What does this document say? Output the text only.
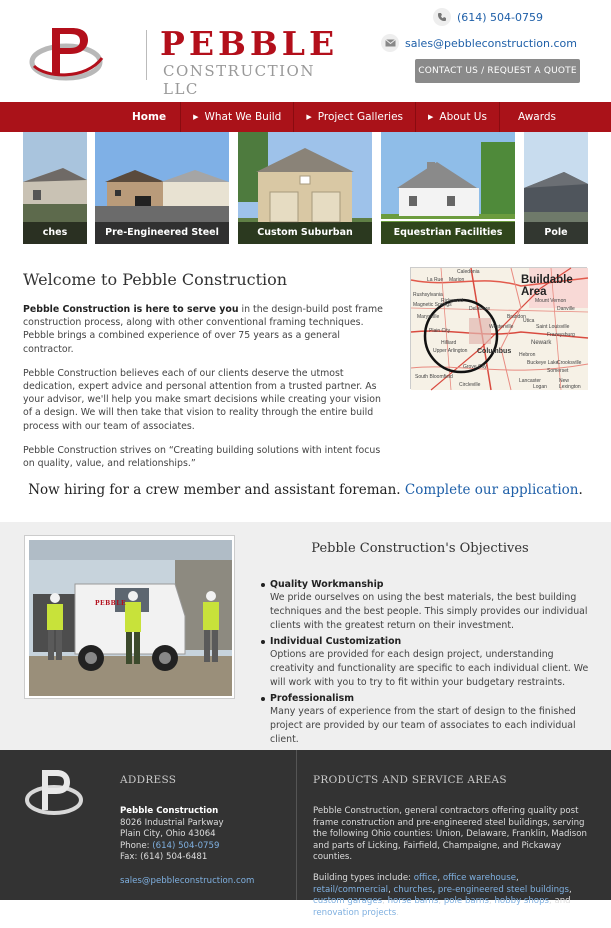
PEBBLE
CONSTRUCTION LLC
(614) 504-0759
sales@pebbleconstruction.com
CONTACT US / REQUEST A QUOTE
Home	▶ What We Build	▶ Project Galleries	▶ About Us	Awards
ches	Pre-Engineered Steel	Custom Suburban	Equestrian Facilities	Pole
Welcome to Pebble Construction

Pebble Construction is here to serve you in the design-build post frame construction process, along with other conventional framing techniques. Pebble brings a combined experience of over 75 years as a general contractor.

Pebble Construction believes each of our clients deserve the utmost dedication, expert advice and personal attention from a trusted partner. As your advisor, we'll help you make smart decisions while creating your vision of a design. We will then take that vision to reality through the entire build process with our team of associates.

Pebble Construction strives on “Creating building solutions with intent focus on quality, value, and relationships.”

Buildable
Area
Caledonia
La Rue Marion
Rushsylvania
Magnetic Springs
Richwood
Marysville
Delaware
Plain City
Hilliard
Upper Arlington Columbus
Saint Louisville
Frazeysburg
Newark
Hebron
Buckeye Lake
South Bloomfield
Circleville
Lancaster
Somerset
Crooksville
Logan
New Lexington
Grove City
Westerville
Mount Vernon
Danville
Brandon
Utica
Now hiring for a crew member and assistant foreman. Complete our application.
PEBBLE
Pebble Construction's Objectives
Quality Workmanship
We pride ourselves on using the best materials, the best building techniques and the best people. This simply provides our individual clients with the greatest return on their investment.
Individual Customization
Options are provided for each design project, understanding creativity and functionality are specific to each individual client. We will work with you to try to fit within your budgetary restraints.
Professionalism
Many years of experience from the start of design to the finished project are provided by our team of associates to each individual client.
ADDRESS
Pebble Construction
8026 Industrial Parkway
Plain City, Ohio 43064
Phone: (614) 504-0759
Fax: (614) 504-6481
sales@pebbleconstruction.com
PRODUCTS AND SERVICE AREAS
Pebble Construction, general contractors offering quality post frame construction and pre-engineered steel buildings, serving the following Ohio counties: Union, Delaware, Franklin, Madison and parts of Licking, Fairfield, Champaigne, and Pickaway counties.
Building types include: office, office warehouse, retail/commercial, churches, pre-engineered steel buildings, custom garages, horse barns, pole barns, hobby shops, and renovation projects.
